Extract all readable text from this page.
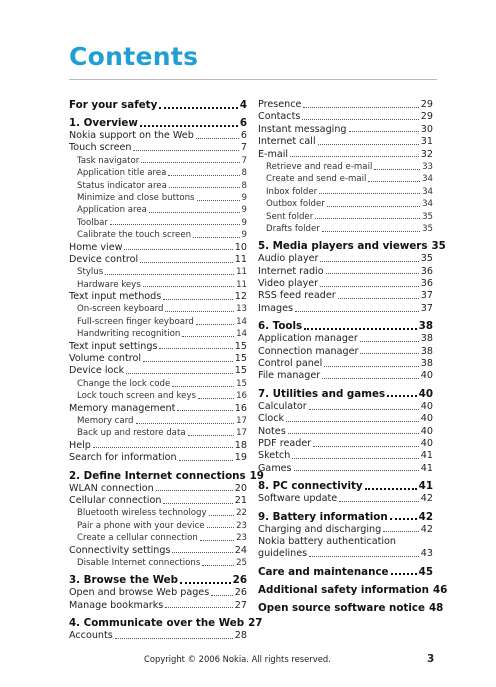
Contents
For your safety	4
1. Overview	6
Nokia support on the Web	6
Touch screen	7
Task navigator	7
Application title area	8
Status indicator area	8
Minimize and close buttons	9
Application area	9
Toolbar	9
Calibrate the touch screen	9
Home view	10
Device control	11
Stylus	11
Hardware keys	11
Text input methods	12
On-screen keyboard	13
Full-screen finger keyboard	14
Handwriting recognition	14
Text input settings	15
Volume control	15
Device lock	15
Change the lock code	15
Lock touch screen and keys	16
Memory management	16
Memory card	17
Back up and restore data	17
Help	18
Search for information	19
2. Define Internet connections 19
WLAN connection	20
Cellular connection	21
Bluetooth wireless technology	22
Pair a phone with your device	23
Create a cellular connection	23
Connectivity settings	24
Disable Internet connections	25
3. Browse the Web	26
Open and browse Web pages	26
Manage bookmarks	27
4. Communicate over the Web 27
Accounts	28
Presence	29
Contacts	29
Instant messaging	30
Internet call	31
E-mail	32
Retrieve and read e-mail	33
Create and send e-mail	34
Inbox folder	34
Outbox folder	34
Sent folder	35
Drafts folder	35
5. Media players and viewers 35
Audio player	35
Internet radio	36
Video player	36
RSS feed reader	37
Images	37
6. Tools	38
Application manager	38
Connection manager	38
Control panel	38
File manager	40
7. Utilities and games	40
Calculator	40
Clock	40
Notes	40
PDF reader	40
Sketch	41
Games	41
8. PC connectivity	41
Software update	42
9. Battery information	42
Charging and discharging	42
Nokia battery authentication
guidelines	43
Care and maintenance	45
Additional safety information 46
Open source software notice 48
Copyright © 2006 Nokia. All rights reserved.	3
